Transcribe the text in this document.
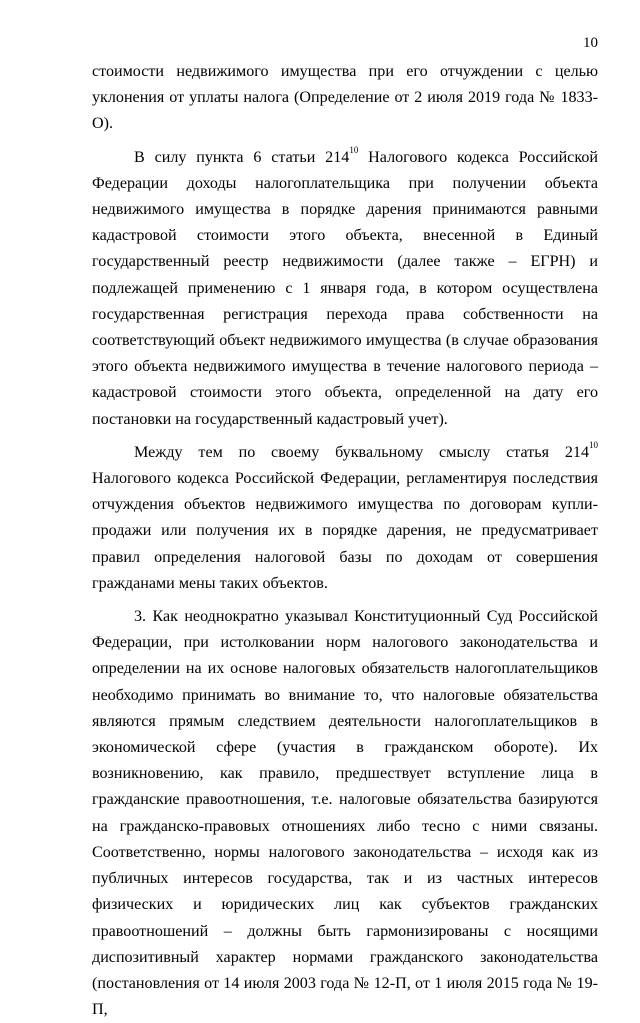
10

стоимости недвижимого имущества при его отчуждении с целью уклонения от уплаты налога (Определение от 2 июля 2019 года № 1833-О).

В силу пункта 6 статьи $214^{10}$ Налогового кодекса Российской Федерации доходы налогоплательщика при получении объекта недвижимого имущества в порядке дарения принимаются равными кадастровой стоимости этого объекта, внесенной в Единый государственный реестр недвижимости (далее также – ЕГРН) и подлежащей применению с 1 января года, в котором осуществлена государственная регистрация перехода права собственности на соответствующий объект недвижимого имущества (в случае образования этого объекта недвижимого имущества в течение налогового периода – кадастровой стоимости этого объекта, определенной на дату его постановки на государственный кадастровый учет).

Между тем по своему буквальному смыслу статья $214^{10}$ Налогового кодекса Российской Федерации, регламентируя последствия отчуждения объектов недвижимого имущества по договорам купли-продажи или получения их в порядке дарения, не предусматривает правил определения налоговой базы по доходам от совершения гражданами мены таких объектов.

3. Как неоднократно указывал Конституционный Суд Российской Федерации, при истолковании норм налогового законодательства и определении на их основе налоговых обязательств налогоплательщиков необходимо принимать во внимание то, что налоговые обязательства являются прямым следствием деятельности налогоплательщиков в экономической сфере (участия в гражданском обороте). Их возникновению, как правило, предшествует вступление лица в гражданские правоотношения, т.е. налоговые обязательства базируются на гражданско-правовых отношениях либо тесно с ними связаны. Соответственно, нормы налогового законодательства – исходя как из публичных интересов государства, так и из частных интересов физических и юридических лиц как субъектов гражданских правоотношений – должны быть гармонизированы с носящими диспозитивный характер нормами гражданского законодательства (постановления от 14 июля 2003 года № 12-П, от 1 июля 2015 года № 19-П,
